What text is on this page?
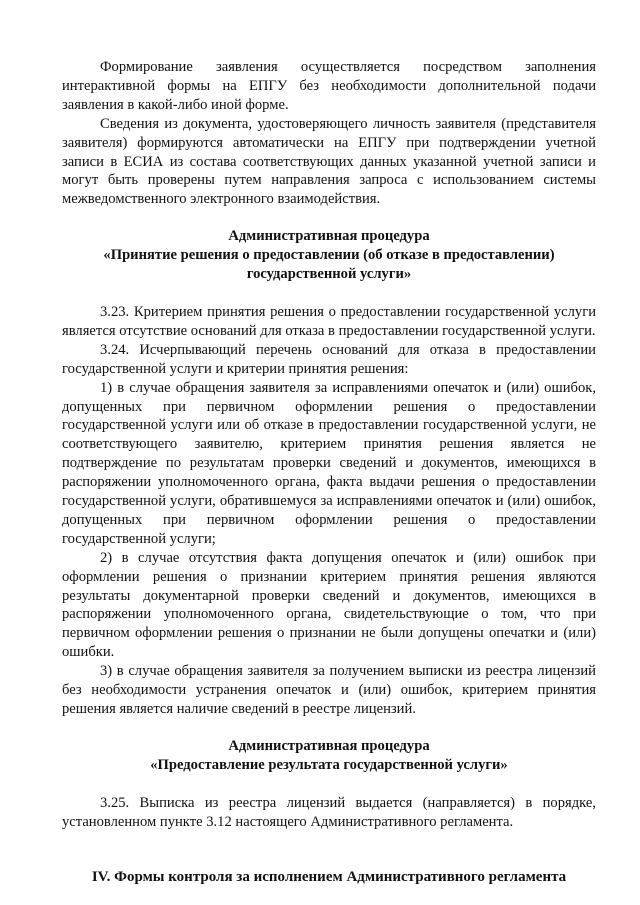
Формирование заявления осуществляется посредством заполнения интерактивной формы на ЕПГУ без необходимости дополнительной подачи заявления в какой-либо иной форме.

Сведения из документа, удостоверяющего личность заявителя (представителя заявителя) формируются автоматически на ЕПГУ при подтверждении учетной записи в ЕСИА из состава соответствующих данных указанной учетной записи и могут быть проверены путем направления запроса с использованием системы межведомственного электронного взаимодействия.

Административная процедура
«Принятие решения о предоставлении (об отказе в предоставлении) государственной услуги»

3.23. Критерием принятия решения о предоставлении государственной услуги является отсутствие оснований для отказа в предоставлении государственной услуги.

3.24. Исчерпывающий перечень оснований для отказа в предоставлении государственной услуги и критерии принятия решения:

1) в случае обращения заявителя за исправлениями опечаток и (или) ошибок, допущенных при первичном оформлении решения о предоставлении государственной услуги или об отказе в предоставлении государственной услуги, не соответствующего заявителю, критерием принятия решения является не подтверждение по результатам проверки сведений и документов, имеющихся в распоряжении уполномоченного органа, факта выдачи решения о предоставлении государственной услуги, обратившемуся за исправлениями опечаток и (или) ошибок, допущенных при первичном оформлении решения о предоставлении государственной услуги;

2) в случае отсутствия факта допущения опечаток и (или) ошибок при оформлении решения о признании критерием принятия решения являются результаты документарной проверки сведений и документов, имеющихся в распоряжении уполномоченного органа, свидетельствующие о том, что при первичном оформлении решения о признании не были допущены опечатки и (или) ошибки.

3) в случае обращения заявителя за получением выписки из реестра лицензий без необходимости устранения опечаток и (или) ошибок, критерием принятия решения является наличие сведений в реестре лицензий.

Административная процедура
«Предоставление результата государственной услуги»

3.25. Выписка из реестра лицензий выдается (направляется) в порядке, установленном пункте 3.12 настоящего Административного регламента.

IV. Формы контроля за исполнением Административного регламента
